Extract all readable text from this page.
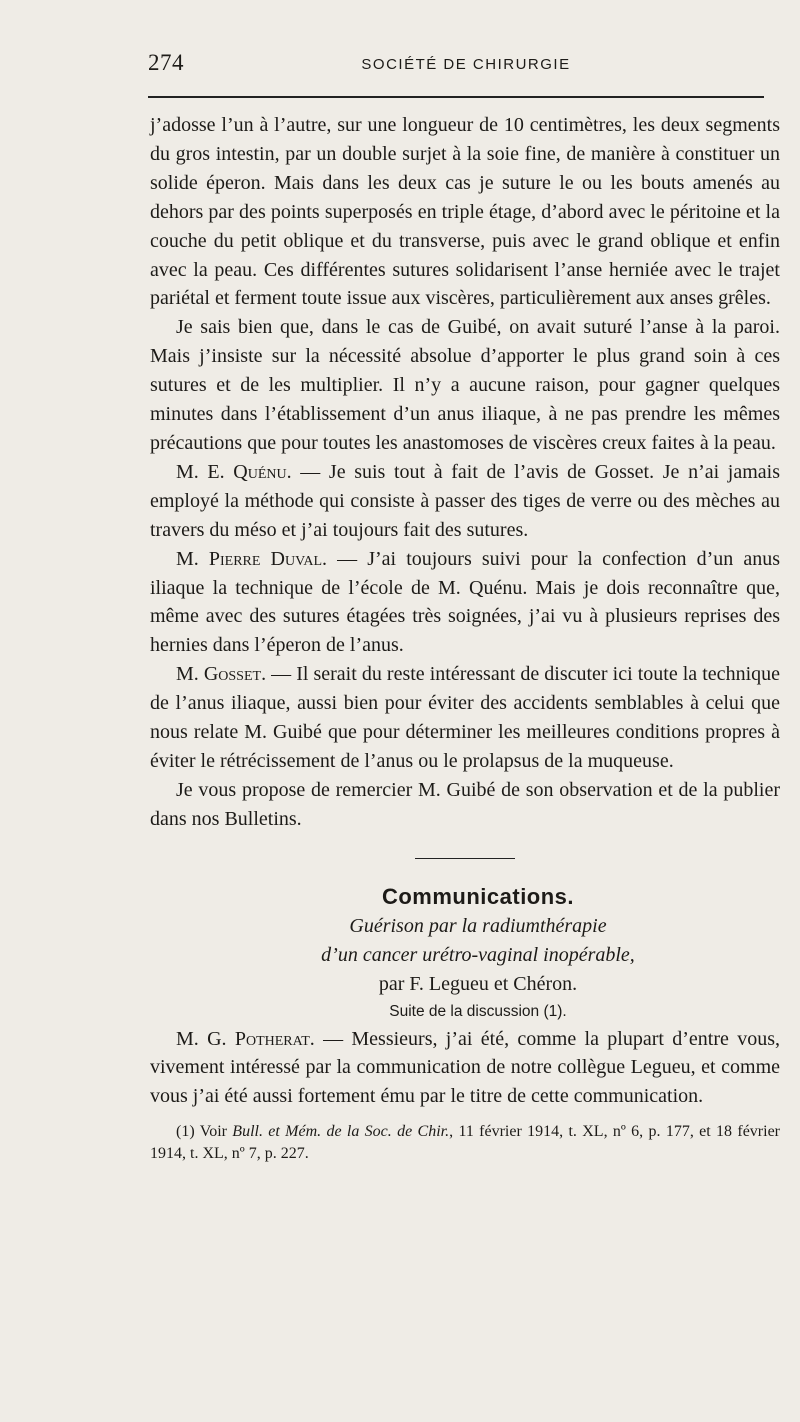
274	SOCIÉTÉ DE CHIRURGIE

j’adosse l’un à l’autre, sur une longueur de 10 centimètres, les deux segments du gros intestin, par un double surjet à la soie fine, de manière à constituer un solide éperon. Mais dans les deux cas je suture le ou les bouts amenés au dehors par des points superposés en triple étage, d’abord avec le péritoine et la couche du petit oblique et du transverse, puis avec le grand oblique et enfin avec la peau. Ces différentes sutures solidarisent l’anse herniée avec le trajet pariétal et ferment toute issue aux viscères, particulièrement aux anses grêles.

Je sais bien que, dans le cas de Guibé, on avait suturé l’anse à la paroi. Mais j’insiste sur la nécessité absolue d’apporter le plus grand soin à ces sutures et de les multiplier. Il n’y a aucune raison, pour gagner quelques minutes dans l’établissement d’un anus iliaque, à ne pas prendre les mêmes précautions que pour toutes les anastomoses de viscères creux faites à la peau.

M. E. Quénu. — Je suis tout à fait de l’avis de Gosset. Je n’ai jamais employé la méthode qui consiste à passer des tiges de verre ou des mèches au travers du méso et j’ai toujours fait des sutures.

M. Pierre Duval. — J’ai toujours suivi pour la confection d’un anus iliaque la technique de l’école de M. Quénu. Mais je dois reconnaître que, même avec des sutures étagées très soignées, j’ai vu à plusieurs reprises des hernies dans l’éperon de l’anus.

M. Gosset. — Il serait du reste intéressant de discuter ici toute la technique de l’anus iliaque, aussi bien pour éviter des accidents semblables à celui que nous relate M. Guibé que pour déterminer les meilleures conditions propres à éviter le rétrécissement de l’anus ou le prolapsus de la muqueuse.

Je vous propose de remercier M. Guibé de son observation et de la publier dans nos Bulletins.

Communications.

Guérison par la radiumthérapie

d’un cancer urétro-vaginal inopérable,

par F. Legueu et Chéron.

Suite de la discussion (1).

M. G. Potherat. — Messieurs, j’ai été, comme la plupart d’entre vous, vivement intéressé par la communication de notre collègue Legueu, et comme vous j’ai été aussi fortement ému par le titre de cette communication.

(1) Voir Bull. et Mém. de la Soc. de Chir., 11 février 1914, t. XL, nº 6, p. 177, et 18 février 1914, t. XL, nº 7, p. 227.
